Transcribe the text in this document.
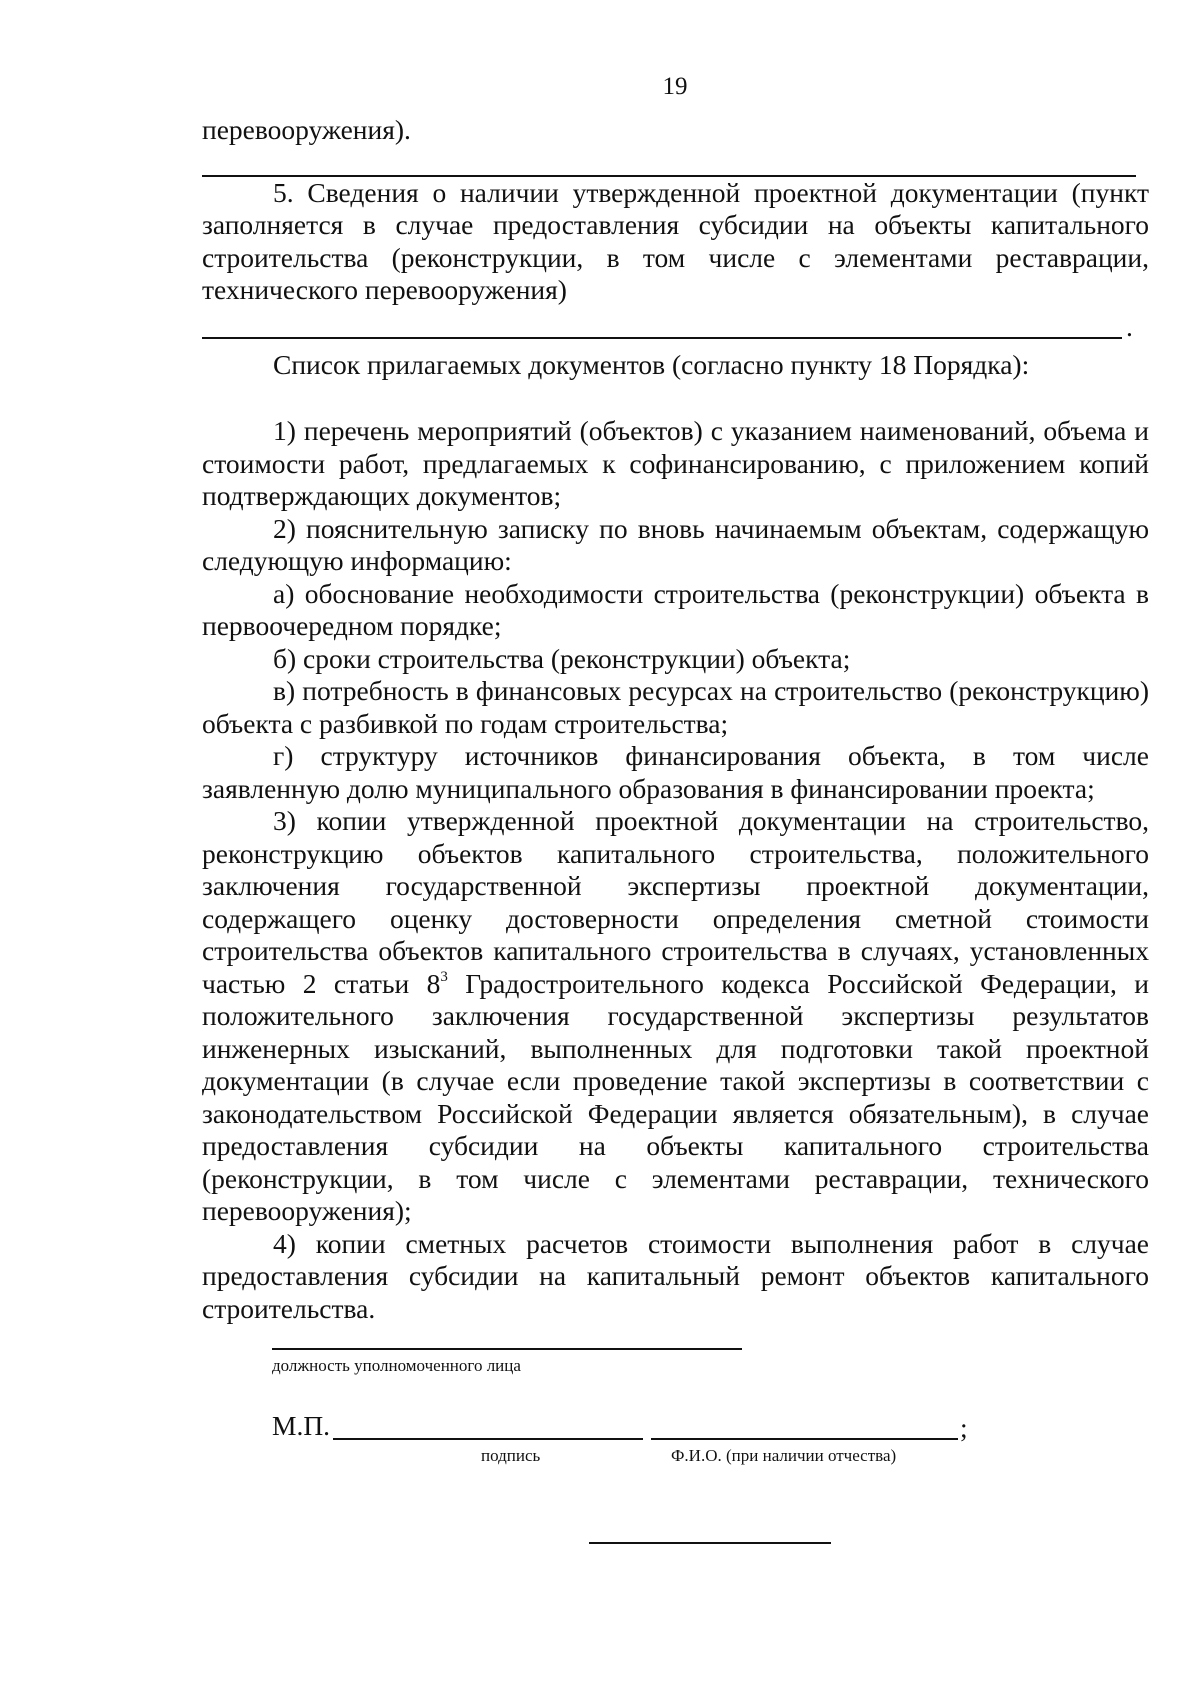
19

перевооружения).

5. Сведения о наличии утвержденной проектной документации (пункт заполняется в случае предоставления субсидии на объекты капитального строительства (реконструкции, в том числе с элементами реставрации, технического перевооружения)

.

Список прилагаемых документов (согласно пункту 18 Порядка):

1) перечень мероприятий (объектов) с указанием наименований, объема и стоимости работ, предлагаемых к софинансированию, с приложением копий подтверждающих документов;

2) пояснительную записку по вновь начинаемым объектам, содержащую следующую информацию:

а) обоснование необходимости строительства (реконструкции) объекта в первоочередном порядке;

б) сроки строительства (реконструкции) объекта;

в) потребность в финансовых ресурсах на строительство (реконструкцию) объекта с разбивкой по годам строительства;

г) структуру источников финансирования объекта, в том числе заявленную долю муниципального образования в финансировании проекта;

3) копии утвержденной проектной документации на строительство, реконструкцию объектов капитального строительства, положительного заключения государственной экспертизы проектной документации, содержащего оценку достоверности определения сметной стоимости строительства объектов капитального строительства в случаях, установленных частью 2 статьи $8^3$ Градостроительного кодекса Российской Федерации, и положительного заключения государственной экспертизы результатов инженерных изысканий, выполненных для подготовки такой проектной документации (в случае если проведение такой экспертизы в соответствии с законодательством Российской Федерации является обязательным), в случае предоставления субсидии на объекты капитального строительства (реконструкции, в том числе с элементами реставрации, технического перевооружения);

4) копии сметных расчетов стоимости выполнения работ в случае предоставления субсидии на капитальный ремонт объектов капитального строительства.

должность уполномоченного лица
М.П.	;
подпись	Ф.И.О. (при наличии отчества)
